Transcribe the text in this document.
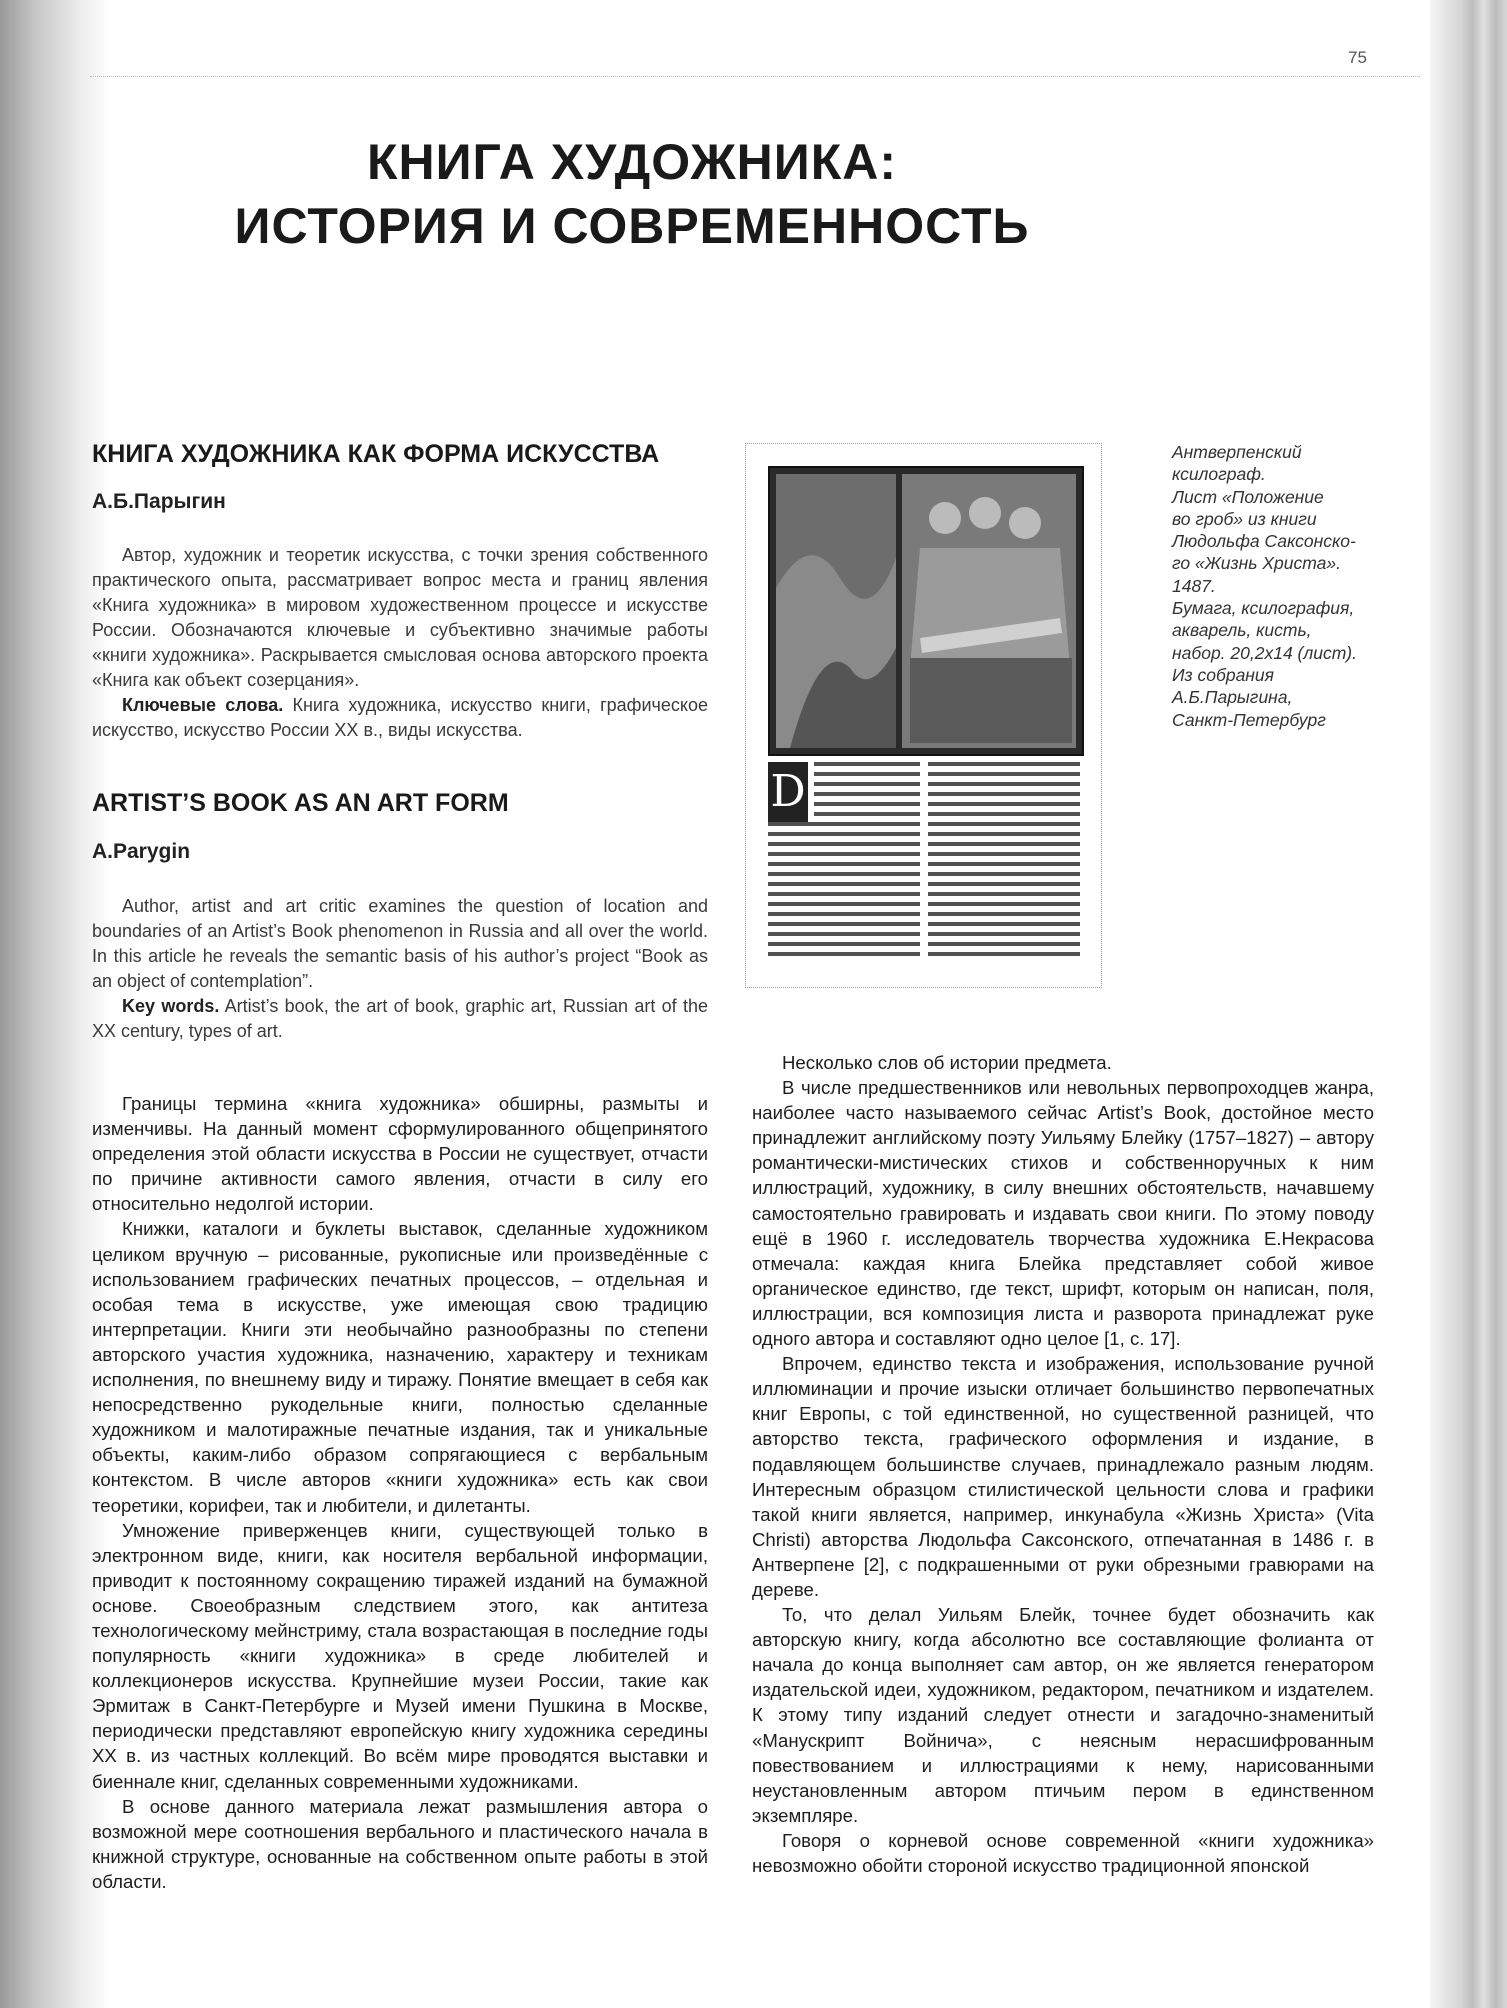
75
КНИГА ХУДОЖНИКА:
ИСТОРИЯ И СОВРЕМЕННОСТЬ
КНИГА ХУДОЖНИКА КАК ФОРМА ИСКУССТВА
А.Б.Парыгин

Автор, художник и теоретик искусства, с точки зрения собственного практического опыта, рассматривает вопрос места и границ явления «Книга художника» в мировом художественном процессе и искусстве России. Обозначаются ключевые и субъективно значимые работы «книги художника». Раскрывается смысловая основа авторского проекта «Книга как объект созерцания».

Ключевые слова. Книга художника, искусство книги, графическое искусство, искусство России XX в., виды искусства.

ARTIST’S BOOK AS AN ART FORM
A.Parygin

Author, artist and art critic examines the question of location and boundaries of an Artist’s Book phenomenon in Russia and all over the world. In this article he reveals the semantic basis of his author’s project “Book as an object of contemplation”.

Key words. Artist’s book, the art of book, graphic art, Russian art of the XX century, types of art.

D
Антверпенский
ксилограф.
Лист «Положение
во гроб» из книги
Людольфа Саксонско-
го «Жизнь Христа».
1487.
Бумага, ксилография,
акварель, кисть,
набор. 20,2х14 (лист).
Из собрания
А.Б.Парыгина,
Санкт-Петербург

Границы термина «книга художника» обширны, размыты и изменчивы. На данный момент сформулированного общепринятого определения этой области искусства в России не существует, отчасти по причине активности самого явления, отчасти в силу его относительно недолгой истории.

Книжки, каталоги и буклеты выставок, сделанные художником целиком вручную – рисованные, рукописные или произведённые с использованием графических печатных процессов, – отдельная и особая тема в искусстве, уже имеющая свою традицию интерпретации. Книги эти необычайно разнообразны по степени авторского участия художника, назначению, характеру и техникам исполнения, по внешнему виду и тиражу. Понятие вмещает в себя как непосредственно рукодельные книги, полностью сделанные художником и малотиражные печатные издания, так и уникальные объекты, каким-либо образом сопрягающиеся с вербальным контекстом. В числе авторов «книги художника» есть как свои теоретики, корифеи, так и любители, и дилетанты.

Умножение приверженцев книги, существующей только в электронном виде, книги, как носителя вербальной информации, приводит к постоянному сокращению тиражей изданий на бумажной основе. Своеобразным следствием этого, как антитеза технологическому мейнстриму, стала возрастающая в последние годы популярность «книги художника» в среде любителей и коллекционеров искусства. Крупнейшие музеи России, такие как Эрмитаж в Санкт-Петербурге и Музей имени Пушкина в Москве, периодически представляют европейскую книгу художника середины XX в. из частных коллекций. Во всём мире проводятся выставки и биеннале книг, сделанных современными художниками.

В основе данного материала лежат размышления автора о возможной мере соотношения вербального и пластического начала в книжной структуре, основанные на собственном опыте работы в этой области.

Несколько слов об истории предмета.

В числе предшественников или невольных первопроходцев жанра, наиболее часто называемого сейчас Artist’s Book, достойное место принадлежит английскому поэту Уильяму Блейку (1757–1827) – автору романтически-мистических стихов и собственноручных к ним иллюстраций, художнику, в силу внешних обстоятельств, начавшему самостоятельно гравировать и издавать свои книги. По этому поводу ещё в 1960 г. исследователь творчества художника Е.Некрасова отмечала: каждая книга Блейка представляет собой живое органическое единство, где текст, шрифт, которым он написан, поля, иллюстрации, вся композиция листа и разворота принадлежат руке одного автора и составляют одно целое [1, с. 17].

Впрочем, единство текста и изображения, использование ручной иллюминации и прочие изыски отличает большинство первопечатных книг Европы, с той единственной, но существенной разницей, что авторство текста, графического оформления и издание, в подавляющем большинстве случаев, принадлежало разным людям. Интересным образцом стилистической цельности слова и графики такой книги является, например, инкунабула «Жизнь Христа» (Vita Christi) авторства Людольфа Саксонского, отпечатанная в 1486 г. в Антверпене [2], с подкрашенными от руки обрезными гравюрами на дереве.

То, что делал Уильям Блейк, точнее будет обозначить как авторскую книгу, когда абсолютно все составляющие фолианта от начала до конца выполняет сам автор, он же является генератором издательской идеи, художником, редактором, печатником и издателем. К этому типу изданий следует отнести и загадочно-знаменитый «Манускрипт Войнича», с неясным нерасшифрованным повествованием и иллюстрациями к нему, нарисованными неустановленным автором птичьим пером в единственном экземпляре.

Говоря о корневой основе современной «книги художника» невозможно обойти стороной искусство традиционной японской
